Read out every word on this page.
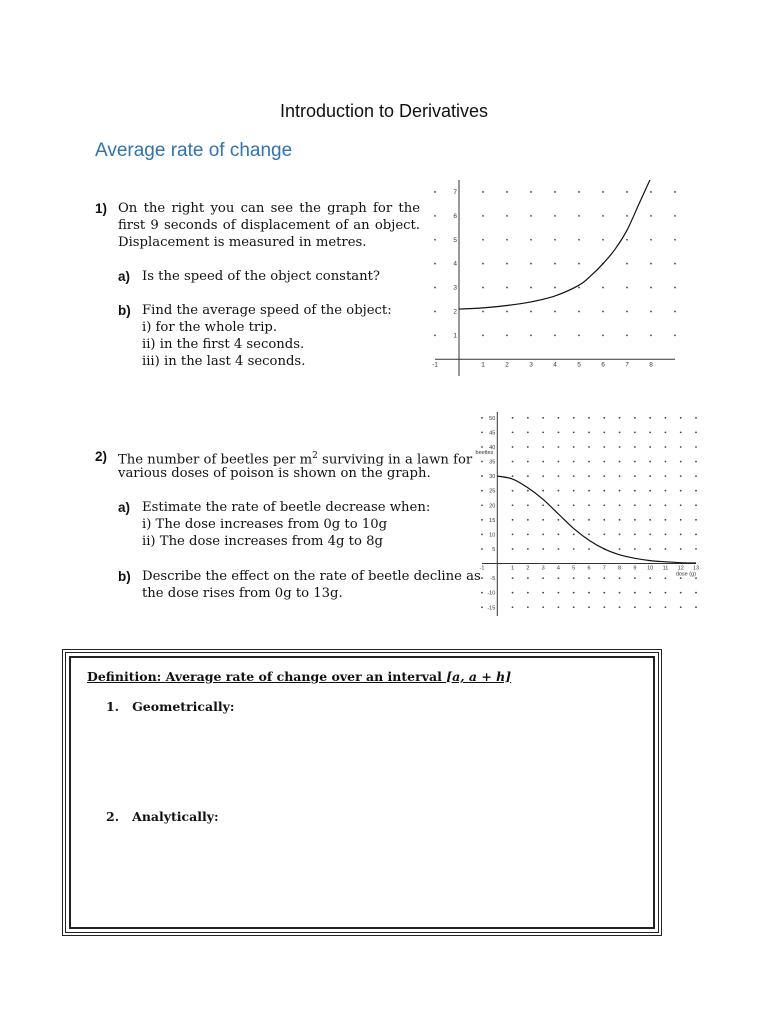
Introduction to Derivatives
Average rate of change
1) On the right you can see the graph for the first 9 seconds of displacement of an object. Displacement is measured in metres.
a) Is the speed of the object constant?
b) Find the average speed of the object:
i) for the whole trip.
ii) in the first 4 seconds.
iii) in the last 4 seconds.	-1	1	2	3	4	5	6	7	8
1
2
3
4
5
6
7
2) The number of beetles per $m^2$ surviving in a lawn for
various doses of poison is shown on the graph.
a) Estimate the rate of beetle decrease when:
i) The dose increases from 0g to 10g
ii) The dose increases from 4g to 8g
b) Describe the effect on the rate of beetle decline as
the dose rises from 0g to 13g.
-1	1 2 3 4 5 6 7 8 9 10 11 12 13
-15
-10
-5
5
10
15
20
25
30
35
40
45
50
dose (g)
beetles
Definition: Average rate of change over an interval [a, a + h]
1. Geometrically:
2. Analytically:
